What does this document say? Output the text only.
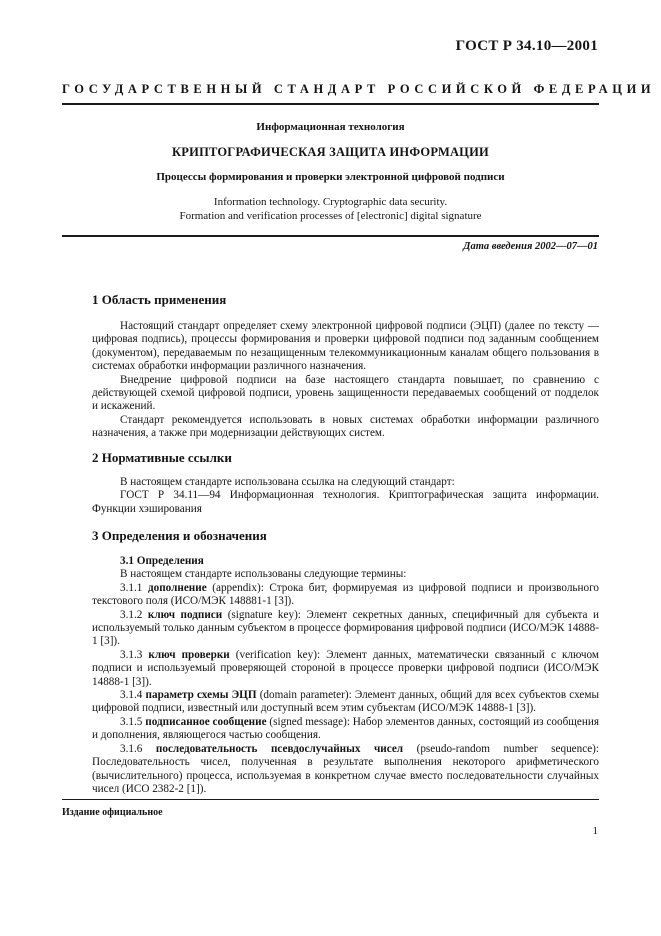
ГОСТ Р 34.10—2001
ГОСУДАРСТВЕННЫЙ СТАНДАРТ РОССИЙСКОЙ ФЕДЕРАЦИИ
Информационная технология
КРИПТОГРАФИЧЕСКАЯ ЗАЩИТА ИНФОРМАЦИИ
Процессы формирования и проверки электронной цифровой подписи
Information technology. Cryptographic data security.
Formation and verification processes of [electronic] digital signature
Дата введения 2002—07—01
1 Область применения

Настоящий стандарт определяет схему электронной цифровой подписи (ЭЦП) (далее по тексту — цифровая подпись), процессы формирования и проверки цифровой подписи под заданным сообщением (документом), передаваемым по незащищенным телекоммуникационным каналам общего пользования в системах обработки информации различного назначения.

Внедрение цифровой подписи на базе настоящего стандарта повышает, по сравнению с действующей схемой цифровой подписи, уровень защищенности передаваемых сообщений от подделок и искажений.

Стандарт рекомендуется использовать в новых системах обработки информации различного назначения, а также при модернизации действующих систем.

2 Нормативные ссылки

В настоящем стандарте использована ссылка на следующий стандарт:

ГОСТ Р 34.11—94 Информационная технология. Криптографическая защита информации. Функции хэширования

3 Определения и обозначения

3.1 Определения

В настоящем стандарте использованы следующие термины:

3.1.1 дополнение (appendix): Строка бит, формируемая из цифровой подписи и произвольного текстового поля (ИСО/МЭК 148881-1 [3]).

3.1.2 ключ подписи (signature key): Элемент секретных данных, специфичный для субъекта и используемый только данным субъектом в процессе формирования цифровой подписи (ИСО/МЭК 14888-1 [3]).

3.1.3 ключ проверки (verification key): Элемент данных, математически связанный с ключом подписи и используемый проверяющей стороной в процессе проверки цифровой подписи (ИСО/МЭК 14888-1 [3]).

3.1.4 параметр схемы ЭЦП (domain parameter): Элемент данных, общий для всех субъектов схемы цифровой подписи, известный или доступный всем этим субъектам (ИСО/МЭК 14888-1 [3]).

3.1.5 подписанное сообщение (signed message): Набор элементов данных, состоящий из сообщения и дополнения, являющегося частью сообщения.

3.1.6 последовательность псевдослучайных чисел (pseudo-random number sequence): Последовательность чисел, полученная в результате выполнения некоторого арифметического (вычислительного) процесса, используемая в конкретном случае вместо последовательности случайных чисел (ИСО 2382-2 [1]).

Издание официальное
1
